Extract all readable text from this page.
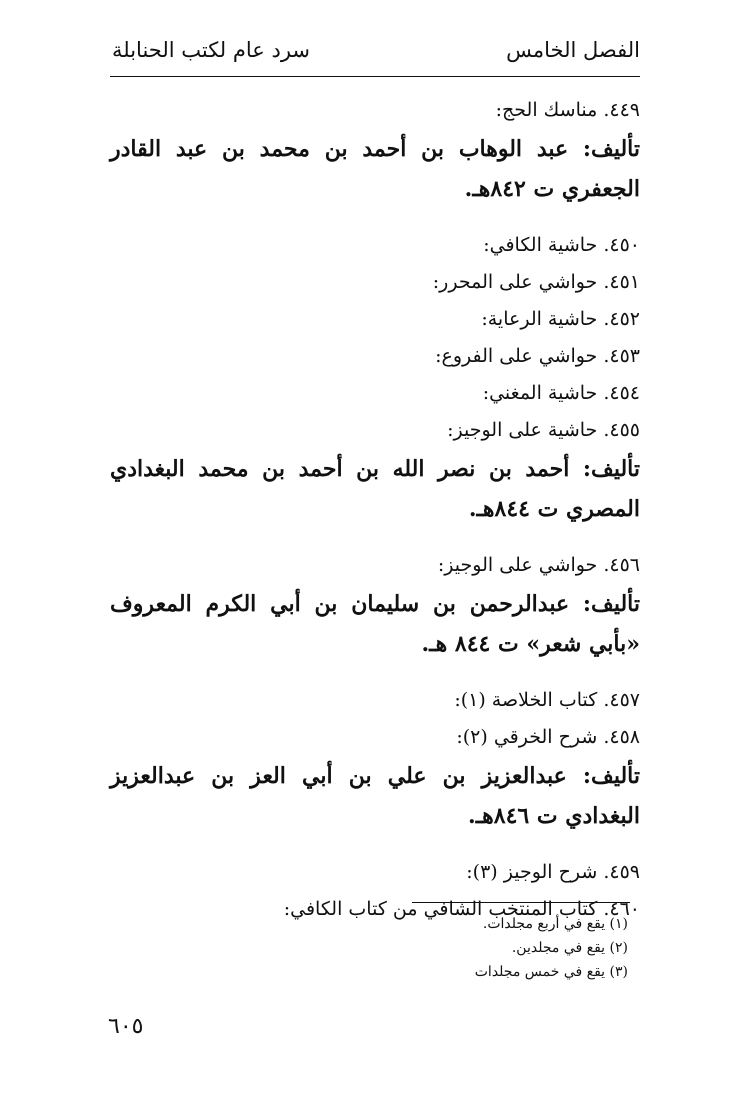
الفصل الخامس
سرد عام لكتب الحنابلة
٤٤٩. مناسك الحج:
تأليف: عبد الوهاب بن أحمد بن محمد بن عبد القادر الجعفري ت ٨٤٢هـ.
٤٥٠. حاشية الكافي:
٤٥١. حواشي على المحرر:
٤٥٢. حاشية الرعاية:
٤٥٣. حواشي على الفروع:
٤٥٤. حاشية المغني:
٤٥٥. حاشية على الوجيز:
تأليف: أحمد بن نصر الله بن أحمد بن محمد البغدادي المصري ت ٨٤٤هـ.
٤٥٦. حواشي على الوجيز:
تأليف: عبدالرحمن بن سليمان بن أبي الكرم المعروف «بأبي شعر» ت ٨٤٤ هـ.
٤٥٧. كتاب الخلاصة (١):
٤٥٨. شرح الخرقي (٢):
تأليف: عبدالعزيز بن علي بن أبي العز بن عبدالعزيز البغدادي ت ٨٤٦هـ.
٤٥٩. شرح الوجيز (٣):
٤٦٠. كتاب المنتخب الشافي من كتاب الكافي:
(١) يقع في أربع مجلدات.
(٢) يقع في مجلدين.
(٣) يقع في خمس مجلدات
٦٠٥
